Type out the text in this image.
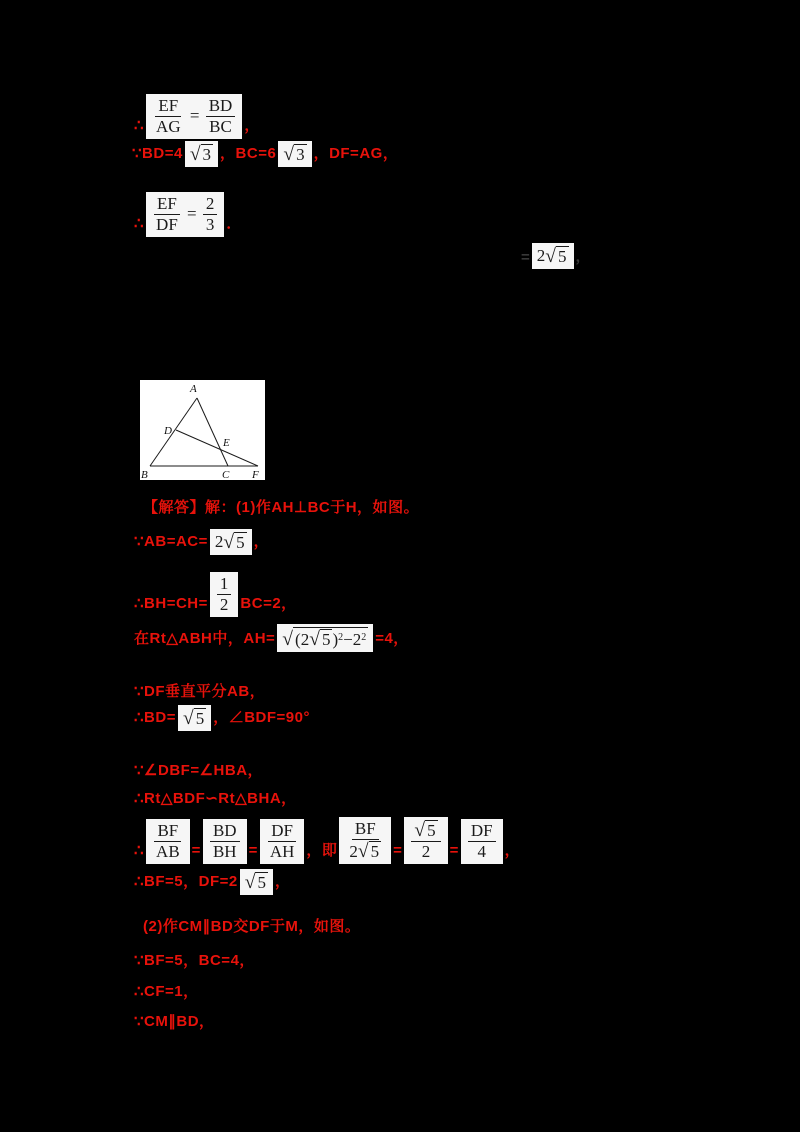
A
B	C
D
E
F
∴ $\frac{EF}{AG} = \frac{BD}{BC}$ ，
∵BD=4 √ 3 ，BC=6 √ 3 ，DF=AG，
∴ $\frac{EF}{DF} = \frac{2}{3}$ ．
= 2 √ 5 ，
【解答】解：(1)作AH⊥BC于H，如图。
∵AB=AC= 2 √ 5 ，
∴BH=CH= $\frac{1}{2} BC=2$，
在Rt△ABH中，AH= √ (2 √ 5 ) 2 −2 2 =4，
∵DF垂直平分AB，
∴BD= √ 5 ，∠BDF=90°
∵∠DBF=∠HBA，
∴Rt△BDF∽Rt△BHA，
∴ $\frac{BF}{AB} = \frac{BD}{BH} = \frac{DF}{AH}$ ，即 $\frac{BF}{2 √ 5} = \frac{√ 5}{2} = \frac{DF}{4}$ ，
∴BF=5，DF=2 √ 5 ，
(2)作CM∥BD交DF于M，如图。
∵BF=5，BC=4，
∴CF=1，
∵CM∥BD，
